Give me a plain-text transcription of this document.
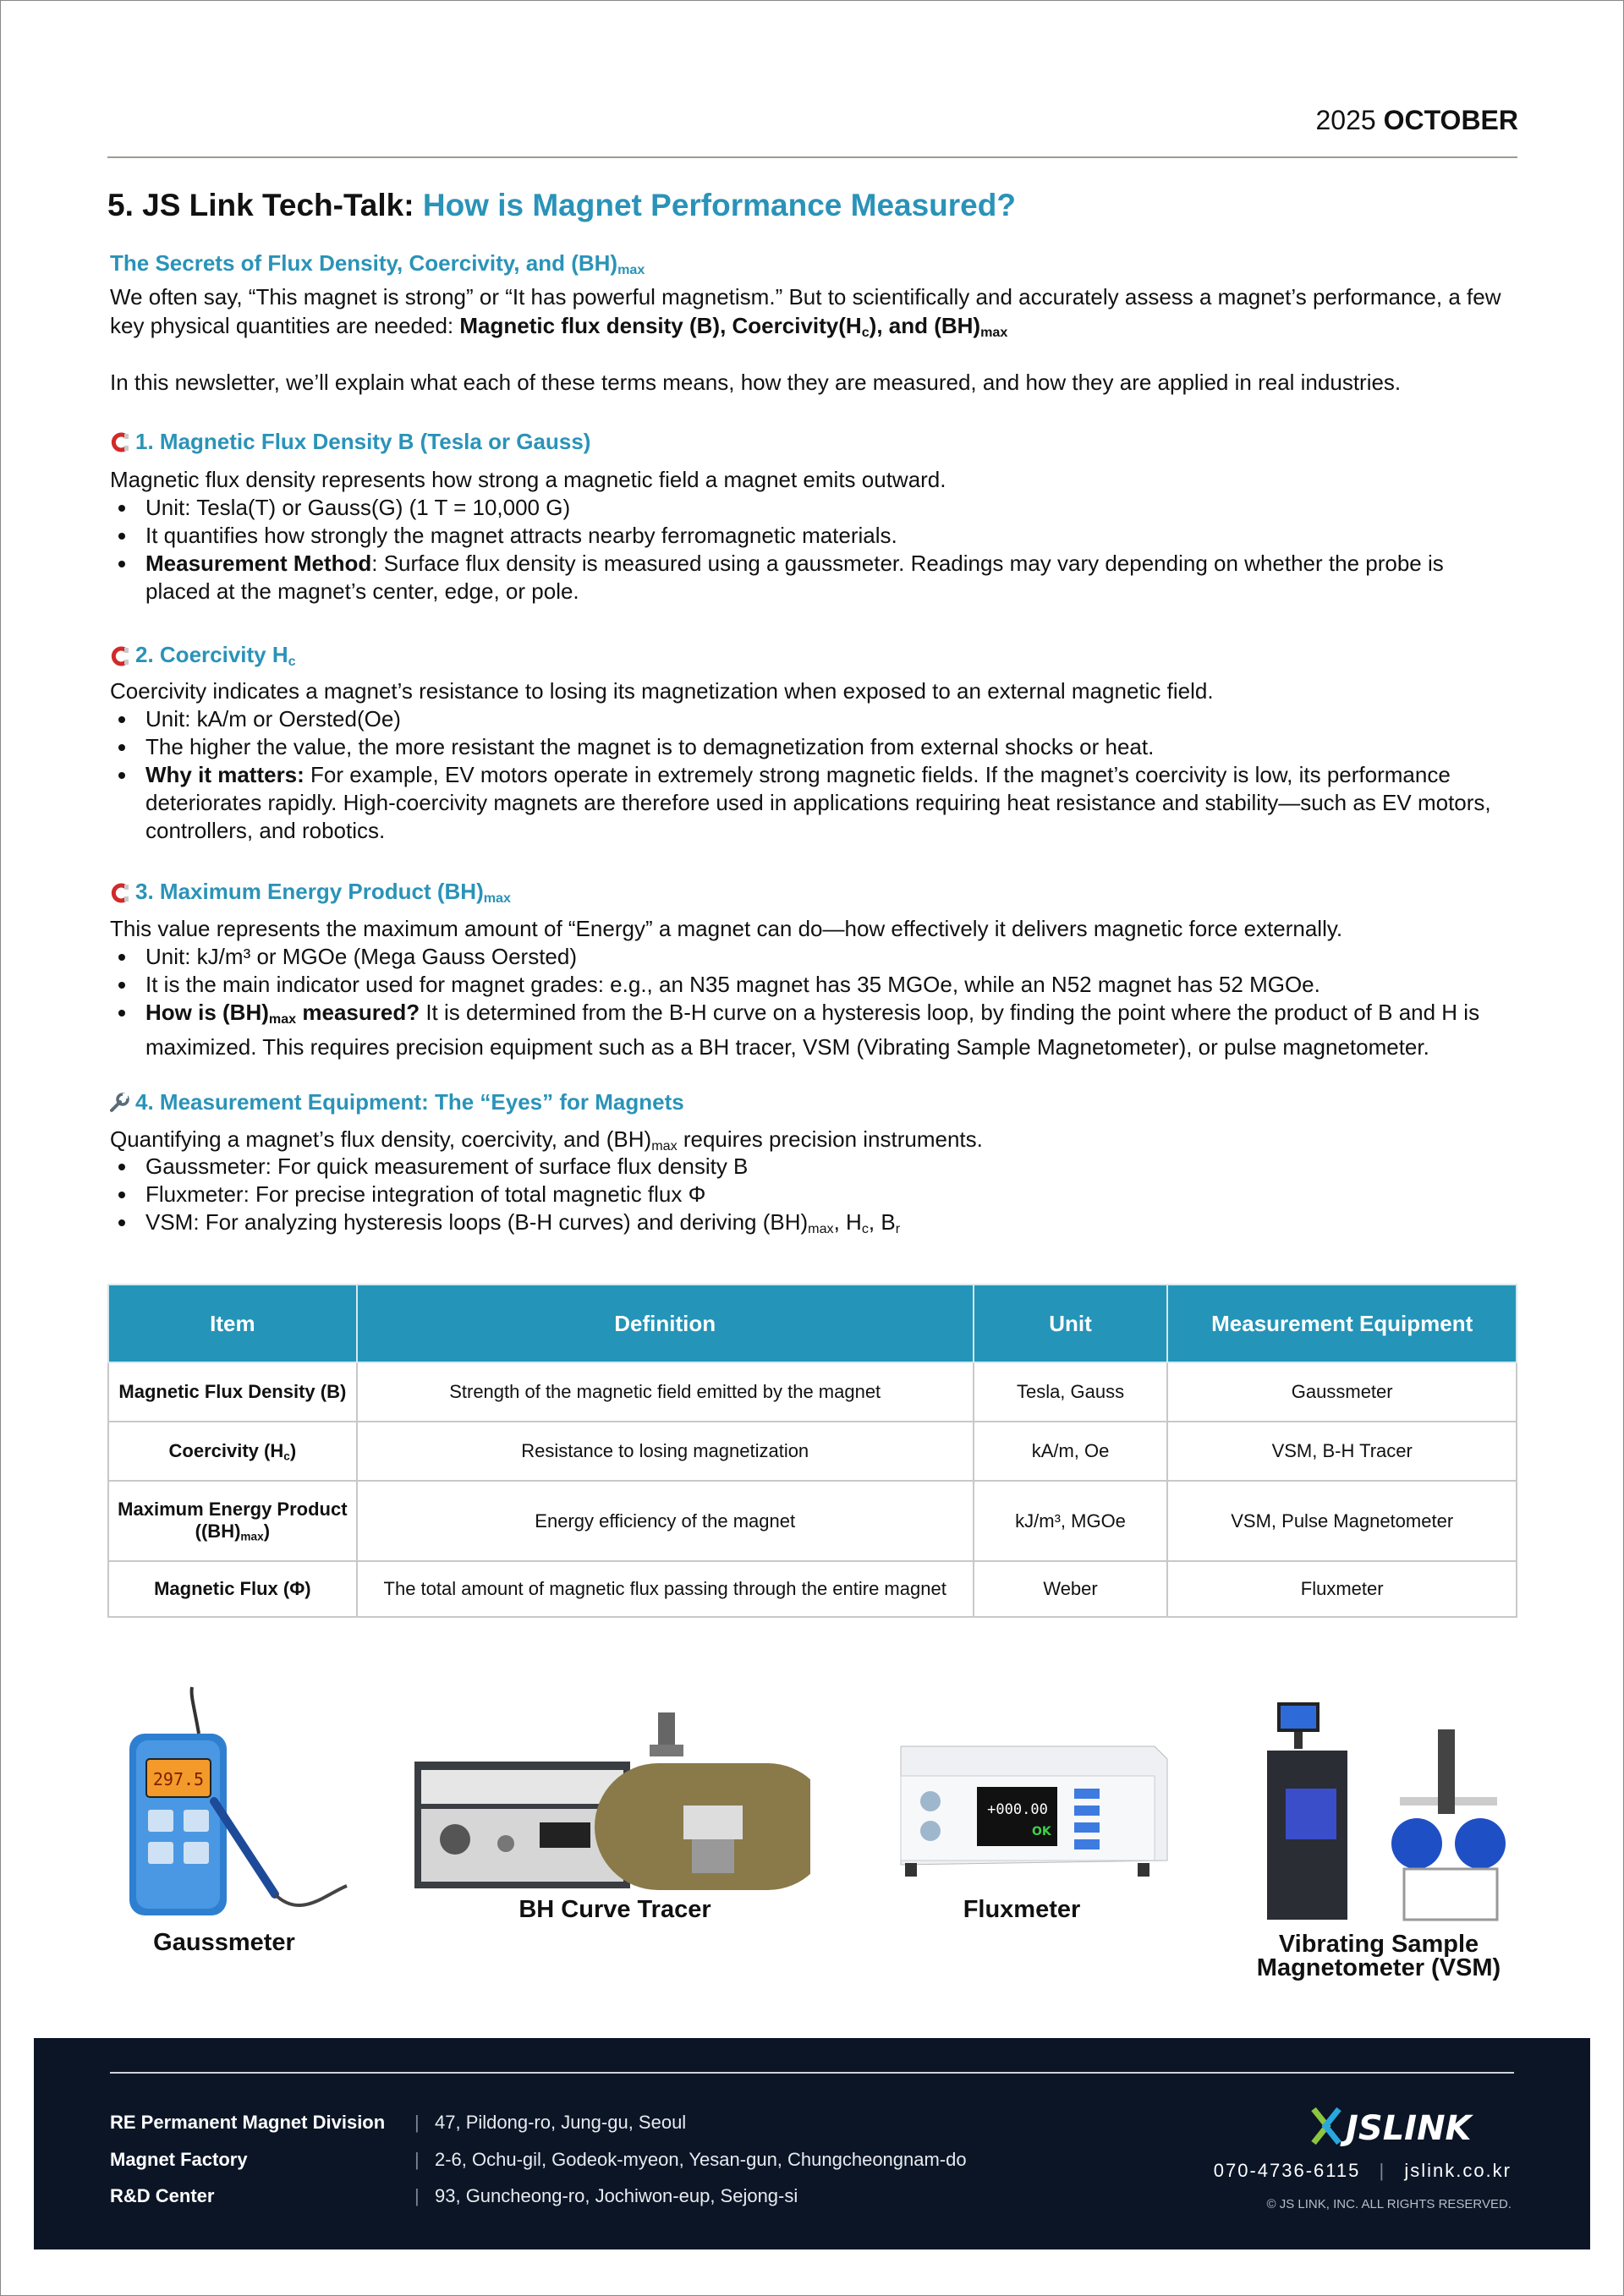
2025 OCTOBER
5. JS Link Tech-Talk: How is Magnet Performance Measured?
The Secrets of Flux Density, Coercivity, and $(BH)_{max}$
We often say, “This magnet is strong” or “It has powerful magnetism.” But to scientifically and accurately assess a magnet’s performance, a few key physical quantities are needed: Magnetic flux density (B), $Coercivity(H_c)$, and $(BH)_{max}$
In this newsletter, we’ll explain what each of these terms means, how they are measured, and how they are applied in real industries.
1. Magnetic Flux Density B (Tesla or Gauss)
Magnetic flux density represents how strong a magnetic field a magnet emits outward.
Unit: Tesla(T) or Gauss(G) (1 T = 10,000 G)
It quantifies how strongly the magnet attracts nearby ferromagnetic materials.
Measurement Method: Surface flux density is measured using a gaussmeter. Readings may vary depending on whether the probe is placed at the magnet’s center, edge, or pole.
2. Coercivity $H_c$
Coercivity indicates a magnet’s resistance to losing its magnetization when exposed to an external magnetic field.
Unit: kA/m or Oersted(Oe)
The higher the value, the more resistant the magnet is to demagnetization from external shocks or heat.
Why it matters: For example, EV motors operate in extremely strong magnetic fields. If the magnet’s coercivity is low, its performance deteriorates rapidly. High-coercivity magnets are therefore used in applications requiring heat resistance and stability—such as EV motors, controllers, and robotics.
3. Maximum Energy Product $(BH)_{max}$
This value represents the maximum amount of “Energy” a magnet can do—how effectively it delivers magnetic force externally.
Unit: kJ/m³ or MGOe (Mega Gauss Oersted)
It is the main indicator used for magnet grades: e.g., an N35 magnet has 35 MGOe, while an N52 magnet has 52 MGOe.
How is $(BH)_{max}$ measured? It is determined from the B-H curve on a hysteresis loop, by finding the point where the product of B and H is maximized. This requires precision equipment such as a BH tracer, VSM (Vibrating Sample Magnetometer), or pulse magnetometer.
4. Measurement Equipment: The “Eyes” for Magnets
Quantifying a magnet’s flux density, coercivity, and $(BH)_{max}$ requires precision instruments.
Gaussmeter: For quick measurement of surface flux density B
Fluxmeter: For precise integration of total magnetic flux Φ
VSM: For analyzing hysteresis loops (B-H curves) and deriving $(BH)_{max}$, $H_c$, $B_r$
Item	Definition	Unit	Measurement Equipment
Magnetic Flux Density (B)	Strength of the magnetic field emitted by the magnet	Tesla, Gauss	Gaussmeter
Coercivity $(H_c)$	Resistance to losing magnetization	kA/m, Oe	VSM, B-H Tracer
Maximum Energy Product
$((BH)_{max})$	Energy efficiency of the magnet	kJ/m³, MGOe	VSM, Pulse Magnetometer
Magnetic Flux (Φ)	The total amount of magnetic flux passing through the entire magnet	Weber	Fluxmeter
297.5
+000.00
OK
Gaussmeter
BH Curve Tracer	Fluxmeter
Vibrating Sample
Magnetometer (VSM)
RE Permanent Magnet Division	| 47, Pildong-ro, Jung-gu, Seoul
Magnet Factory	| 2-6, Ochu-gil, Godeok-myeon, Yesan-gun, Chungcheongnam-do
R&D Center	| 93, Guncheong-ro, Jochiwon-eup, Sejong-si
JSLINK
070-4736-6115 | jslink.co.kr
© JS LINK, INC. ALL RIGHTS RESERVED.
